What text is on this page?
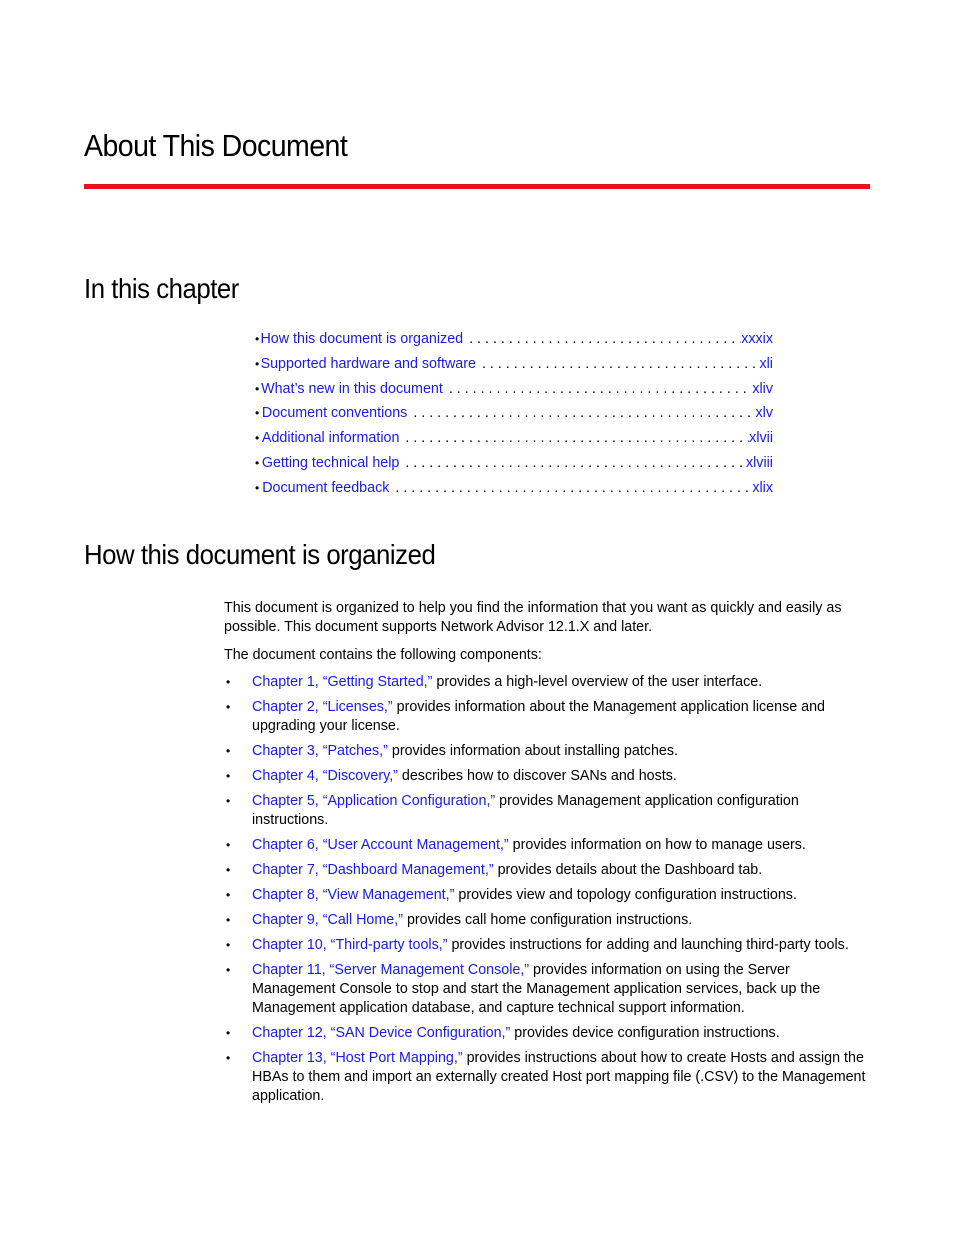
About This Document
In this chapter
• How this document is organized . . .	xxxix
• Supported hardware and software . . .	xli
• What’s new in this document . . .	xliv
• Document conventions . . .	xlv
• Additional information . . .	xlvii
• Getting technical help . . .	xlviii
• Document feedback . . .	xlix
How this document is organized

This document is organized to help you find the information that you want as quickly and easily as possible. This document supports Network Advisor 12.1.X and later.

The document contains the following components:

• Chapter 1, “Getting Started,” provides a high-level overview of the user interface.
• Chapter 2, “Licenses,” provides information about the Management application license and upgrading your license.
• Chapter 3, “Patches,” provides information about installing patches.
• Chapter 4, “Discovery,” describes how to discover SANs and hosts.
• Chapter 5, “Application Configuration,” provides Management application configuration instructions.
• Chapter 6, “User Account Management,” provides information on how to manage users.
• Chapter 7, “Dashboard Management,” provides details about the Dashboard tab.
• Chapter 8, “View Management,” provides view and topology configuration instructions.
• Chapter 9, “Call Home,” provides call home configuration instructions.
• Chapter 10, “Third-party tools,” provides instructions for adding and launching third-party tools.
• Chapter 11, “Server Management Console,” provides information on using the Server Management Console to stop and start the Management application services, back up the Management application database, and capture technical support information.
• Chapter 12, “SAN Device Configuration,” provides device configuration instructions.
• Chapter 13, “Host Port Mapping,” provides instructions about how to create Hosts and assign the HBAs to them and import an externally created Host port mapping file (.CSV) to the Management application.
